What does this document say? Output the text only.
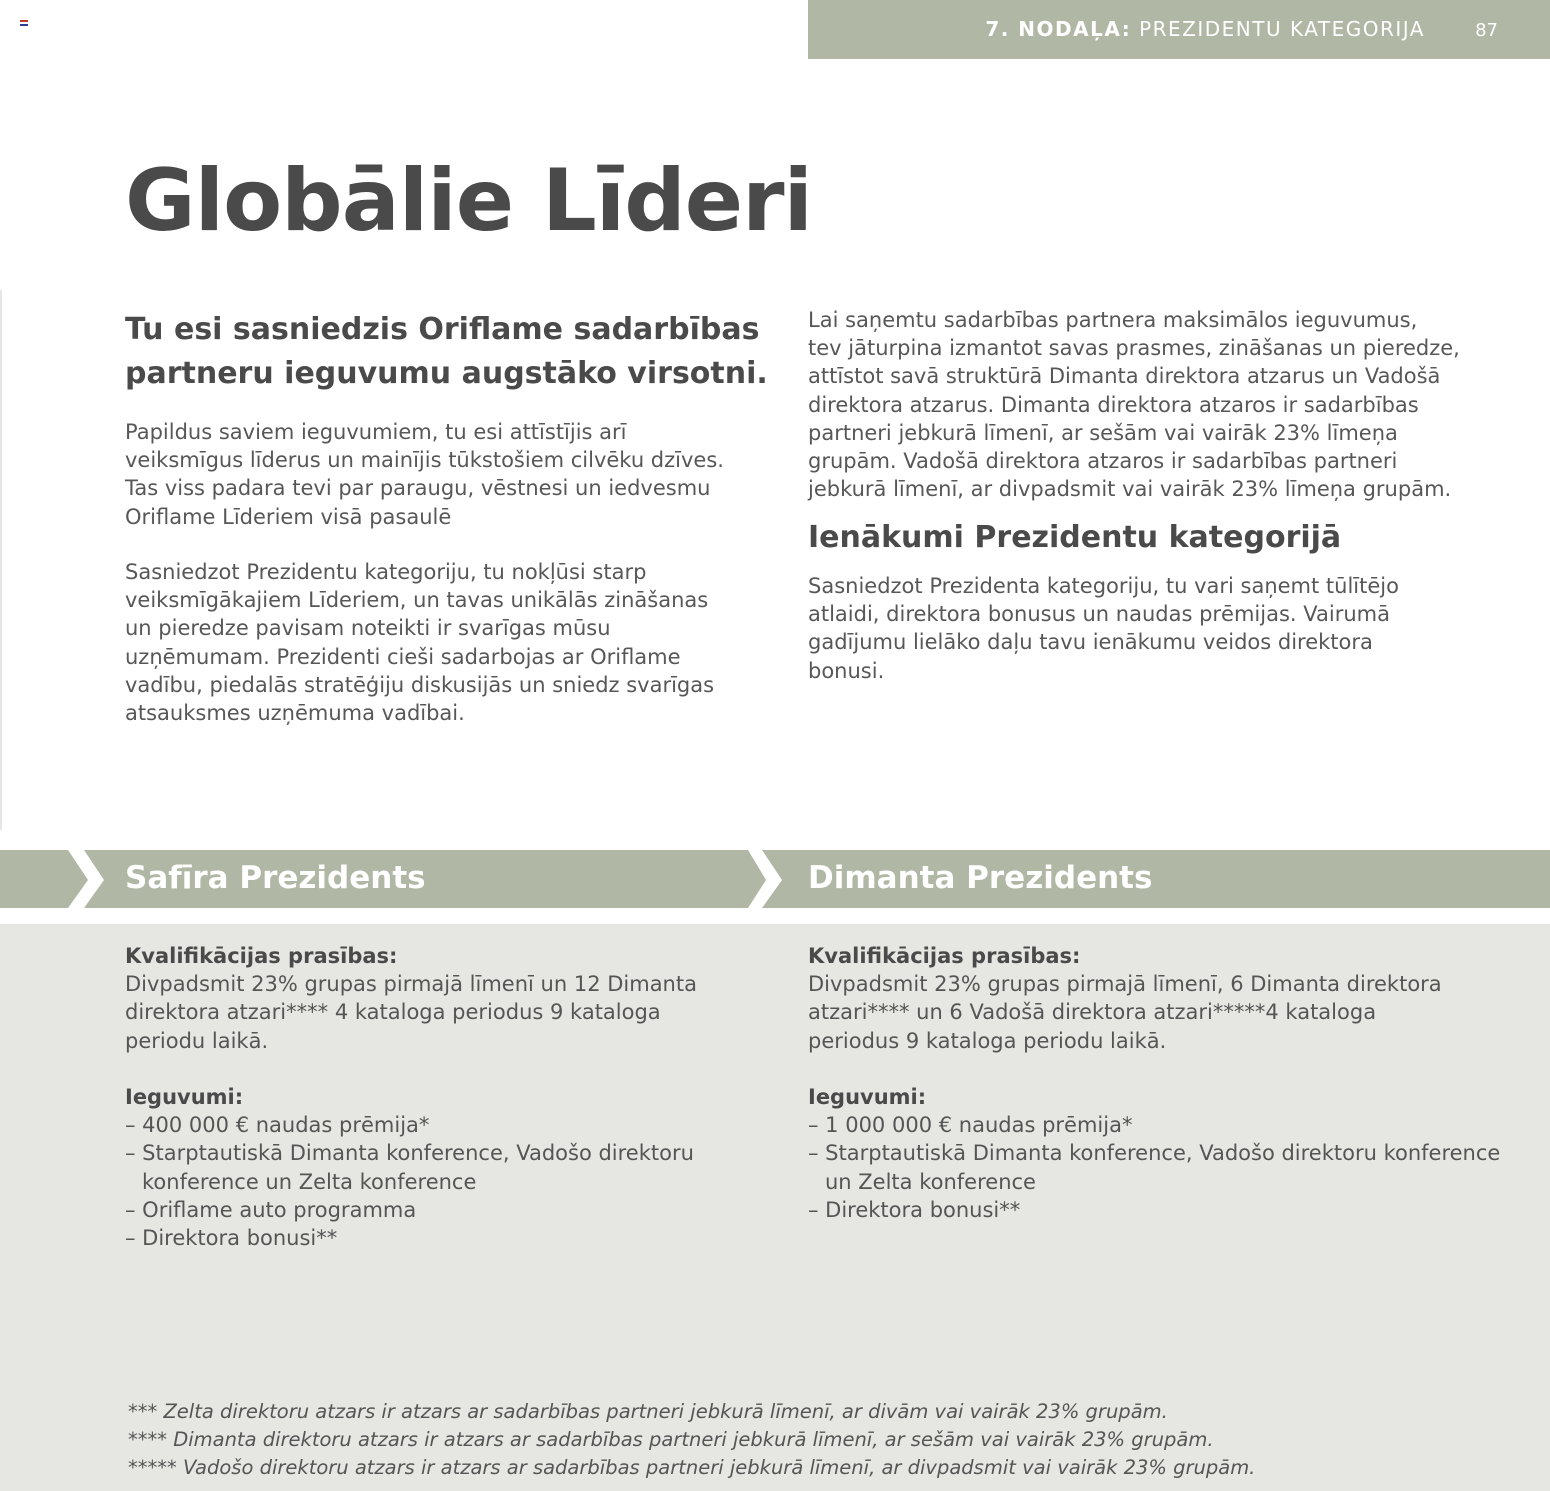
7. NODAĻA: PREZIDENTU KATEGORIJA	87
Globālie Līderi
Tu esi sasniedzis Oriflame sadarbības partneru ieguvumu augstāko virsotni.

Papildus saviem ieguvumiem, tu esi attīstījis arī
veiksmīgus līderus un mainījis tūkstošiem cilvēku dzīves.
Tas viss padara tevi par paraugu, vēstnesi un iedvesmu
Oriflame Līderiem visā pasaulē

Sasniedzot Prezidentu kategoriju, tu nokļūsi starp
veiksmīgākajiem Līderiem, un tavas unikālās zināšanas
un pieredze pavisam noteikti ir svarīgas mūsu
uzņēmumam. Prezidenti cieši sadarbojas ar Oriflame
vadību, piedalās stratēģiju diskusijās un sniedz svarīgas
atsauksmes uzņēmuma vadībai.

Lai saņemtu sadarbības partnera maksimālos ieguvumus,
tev jāturpina izmantot savas prasmes, zināšanas un pieredze,
attīstot savā struktūrā Dimanta direktora atzarus un Vadošā
direktora atzarus. Dimanta direktora atzaros ir sadarbības
partneri jebkurā līmenī, ar sešām vai vairāk 23% līmeņa
grupām. Vadošā direktora atzaros ir sadarbības partneri
jebkurā līmenī, ar divpadsmit vai vairāk 23% līmeņa grupām.

Ienākumi Prezidentu kategorijā

Sasniedzot Prezidenta kategoriju, tu vari saņemt tūlītējo
atlaidi, direktora bonusus un naudas prēmijas. Vairumā
gadījumu lielāko daļu tavu ienākumu veidos direktora
bonusi.

Safīra Prezidents	Dimanta Prezidents
Kvalifikācijas prasības:

Divpadsmit 23% grupas pirmajā līmenī un 12 Dimanta
direktora atzari**** 4 kataloga periodus 9 kataloga
periodu laikā.

Ieguvumi:
– 400 000 € naudas prēmija*
– Starptautiskā Dimanta konference, Vadošo direktoru konference un Zelta konference
– Oriflame auto programma
– Direktora bonusi**
Kvalifikācijas prasības:

Divpadsmit 23% grupas pirmajā līmenī, 6 Dimanta direktora
atzari**** un 6 Vadošā direktora atzari*****4 kataloga
periodus 9 kataloga periodu laikā.

Ieguvumi:
– 1 000 000 € naudas prēmija*
– Starptautiskā Dimanta konference, Vadošo direktoru konference un Zelta konference
– Direktora bonusi**
*** Zelta direktoru atzars ir atzars ar sadarbības partneri jebkurā līmenī, ar divām vai vairāk 23% grupām.
**** Dimanta direktoru atzars ir atzars ar sadarbības partneri jebkurā līmenī, ar sešām vai vairāk 23% grupām.
***** Vadošo direktoru atzars ir atzars ar sadarbības partneri jebkurā līmenī, ar divpadsmit vai vairāk 23% grupām.
